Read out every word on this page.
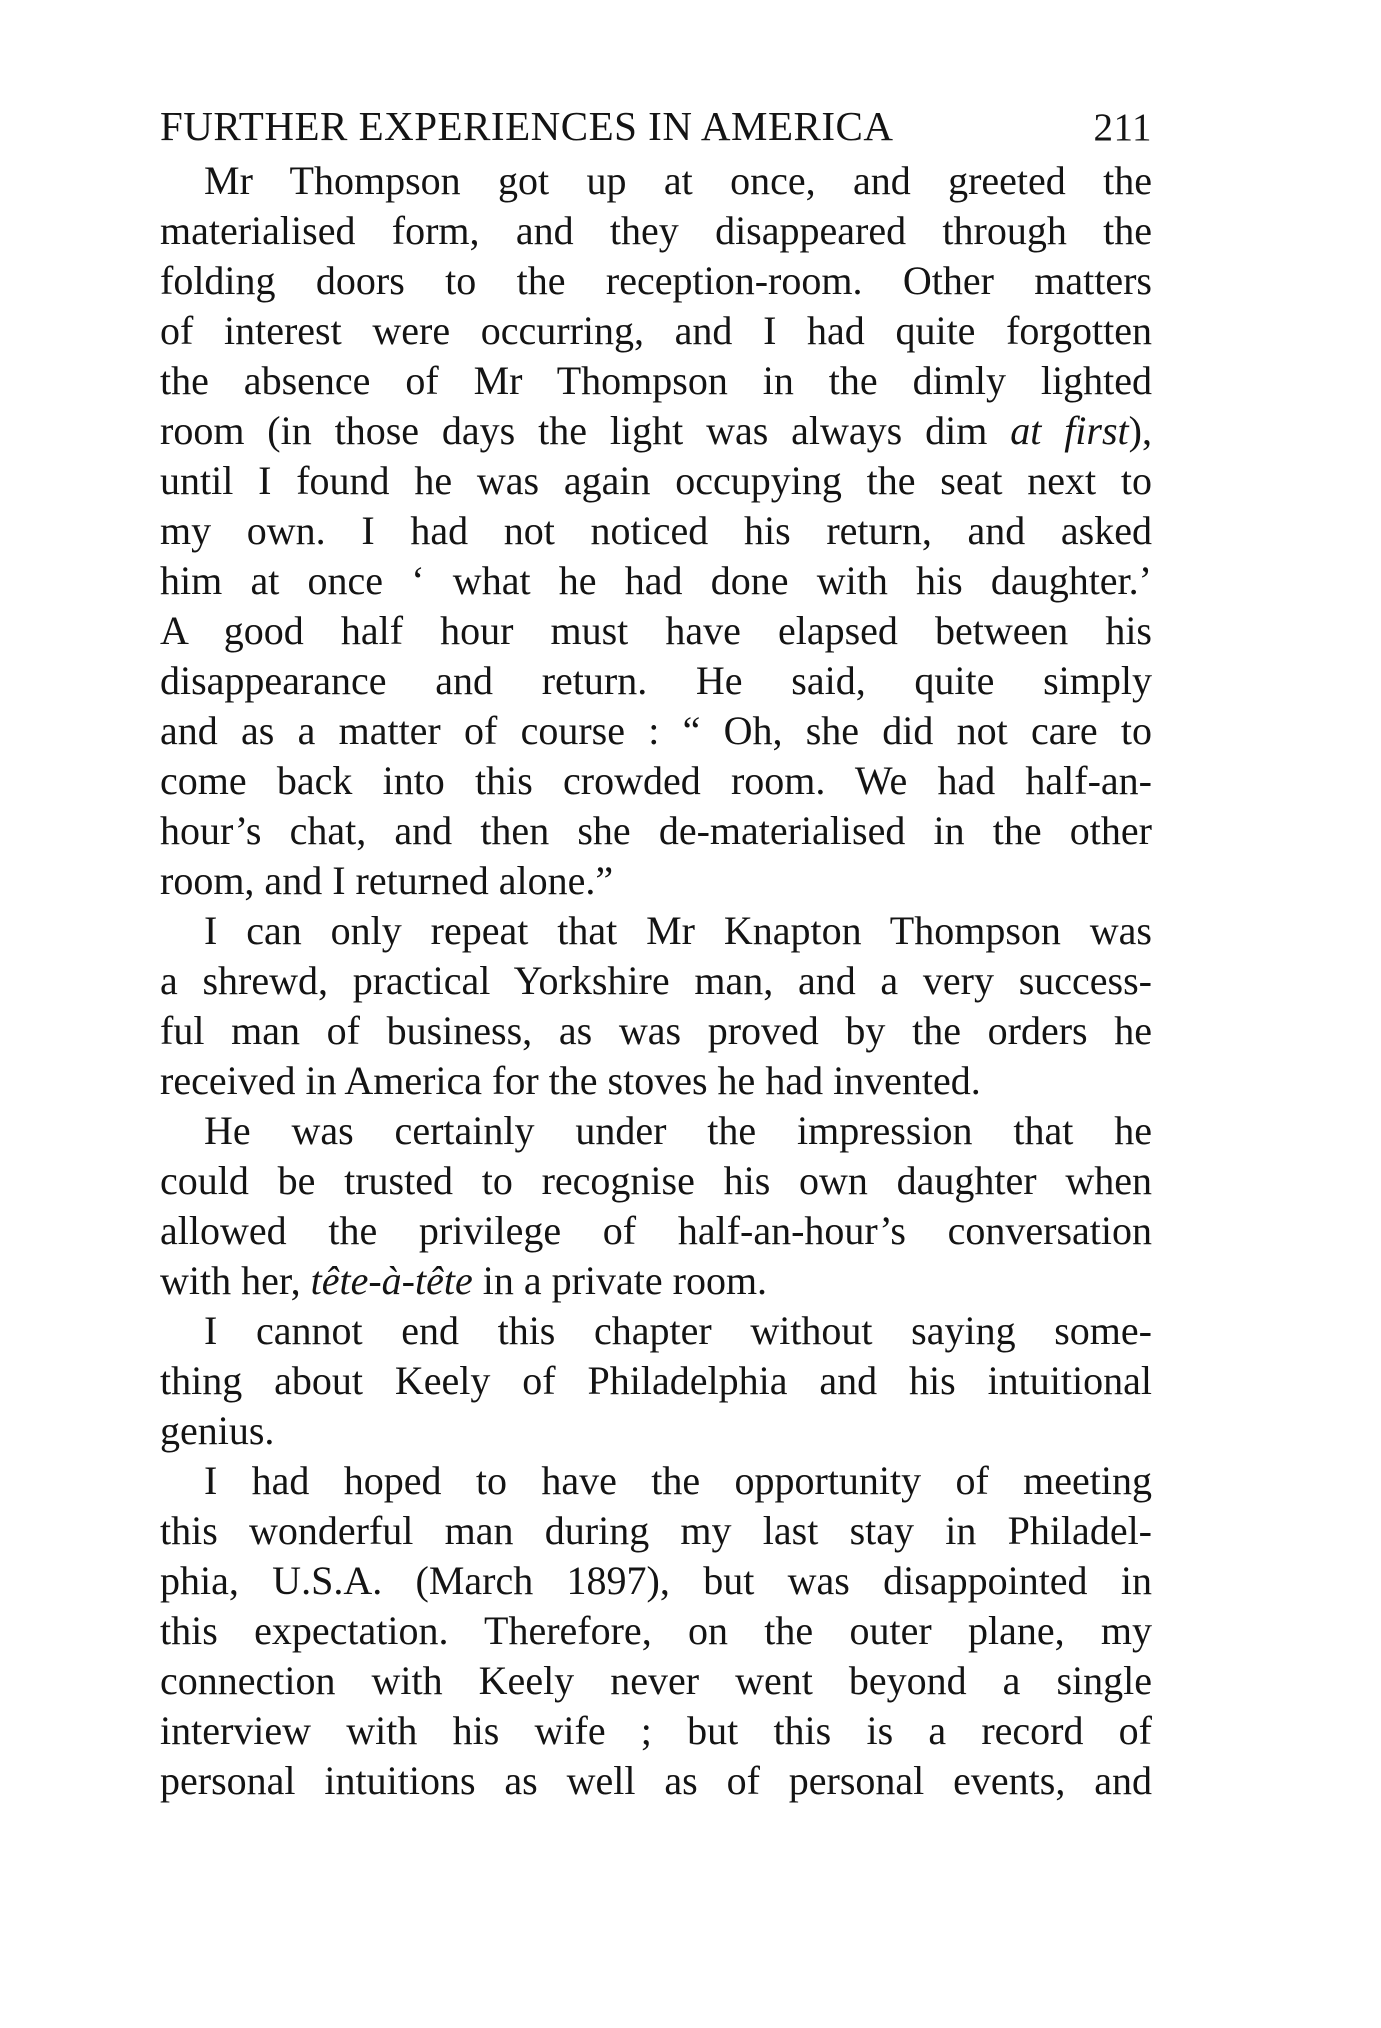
FURTHER EXPERIENCES IN AMERICA	211
Mr Thompson got up at once, and greeted the
materialised form, and they disappeared through the
folding doors to the reception-room. Other matters
of interest were occurring, and I had quite forgotten
the absence of Mr Thompson in the dimly lighted
room (in those days the light was always dim at first),
until I found he was again occupying the seat next to
my own. I had not noticed his return, and asked
him at once ‘ what he had done with his daughter.’
A good half hour must have elapsed between his
disappearance and return. He said, quite simply
and as a matter of course : “ Oh, she did not care to
come back into this crowded room. We had half-an-
hour’s chat, and then she de-materialised in the other
room, and I returned alone.”
I can only repeat that Mr Knapton Thompson was
a shrewd, practical Yorkshire man, and a very success-
ful man of business, as was proved by the orders he
received in America for the stoves he had invented.
He was certainly under the impression that he
could be trusted to recognise his own daughter when
allowed the privilege of half-an-hour’s conversation
with her, tête-à-tête in a private room.
I cannot end this chapter without saying some-
thing about Keely of Philadelphia and his intuitional
genius.
I had hoped to have the opportunity of meeting
this wonderful man during my last stay in Philadel-
phia, U.S.A. (March 1897), but was disappointed in
this expectation. Therefore, on the outer plane, my
connection with Keely never went beyond a single
interview with his wife ; but this is a record of
personal intuitions as well as of personal events, and
